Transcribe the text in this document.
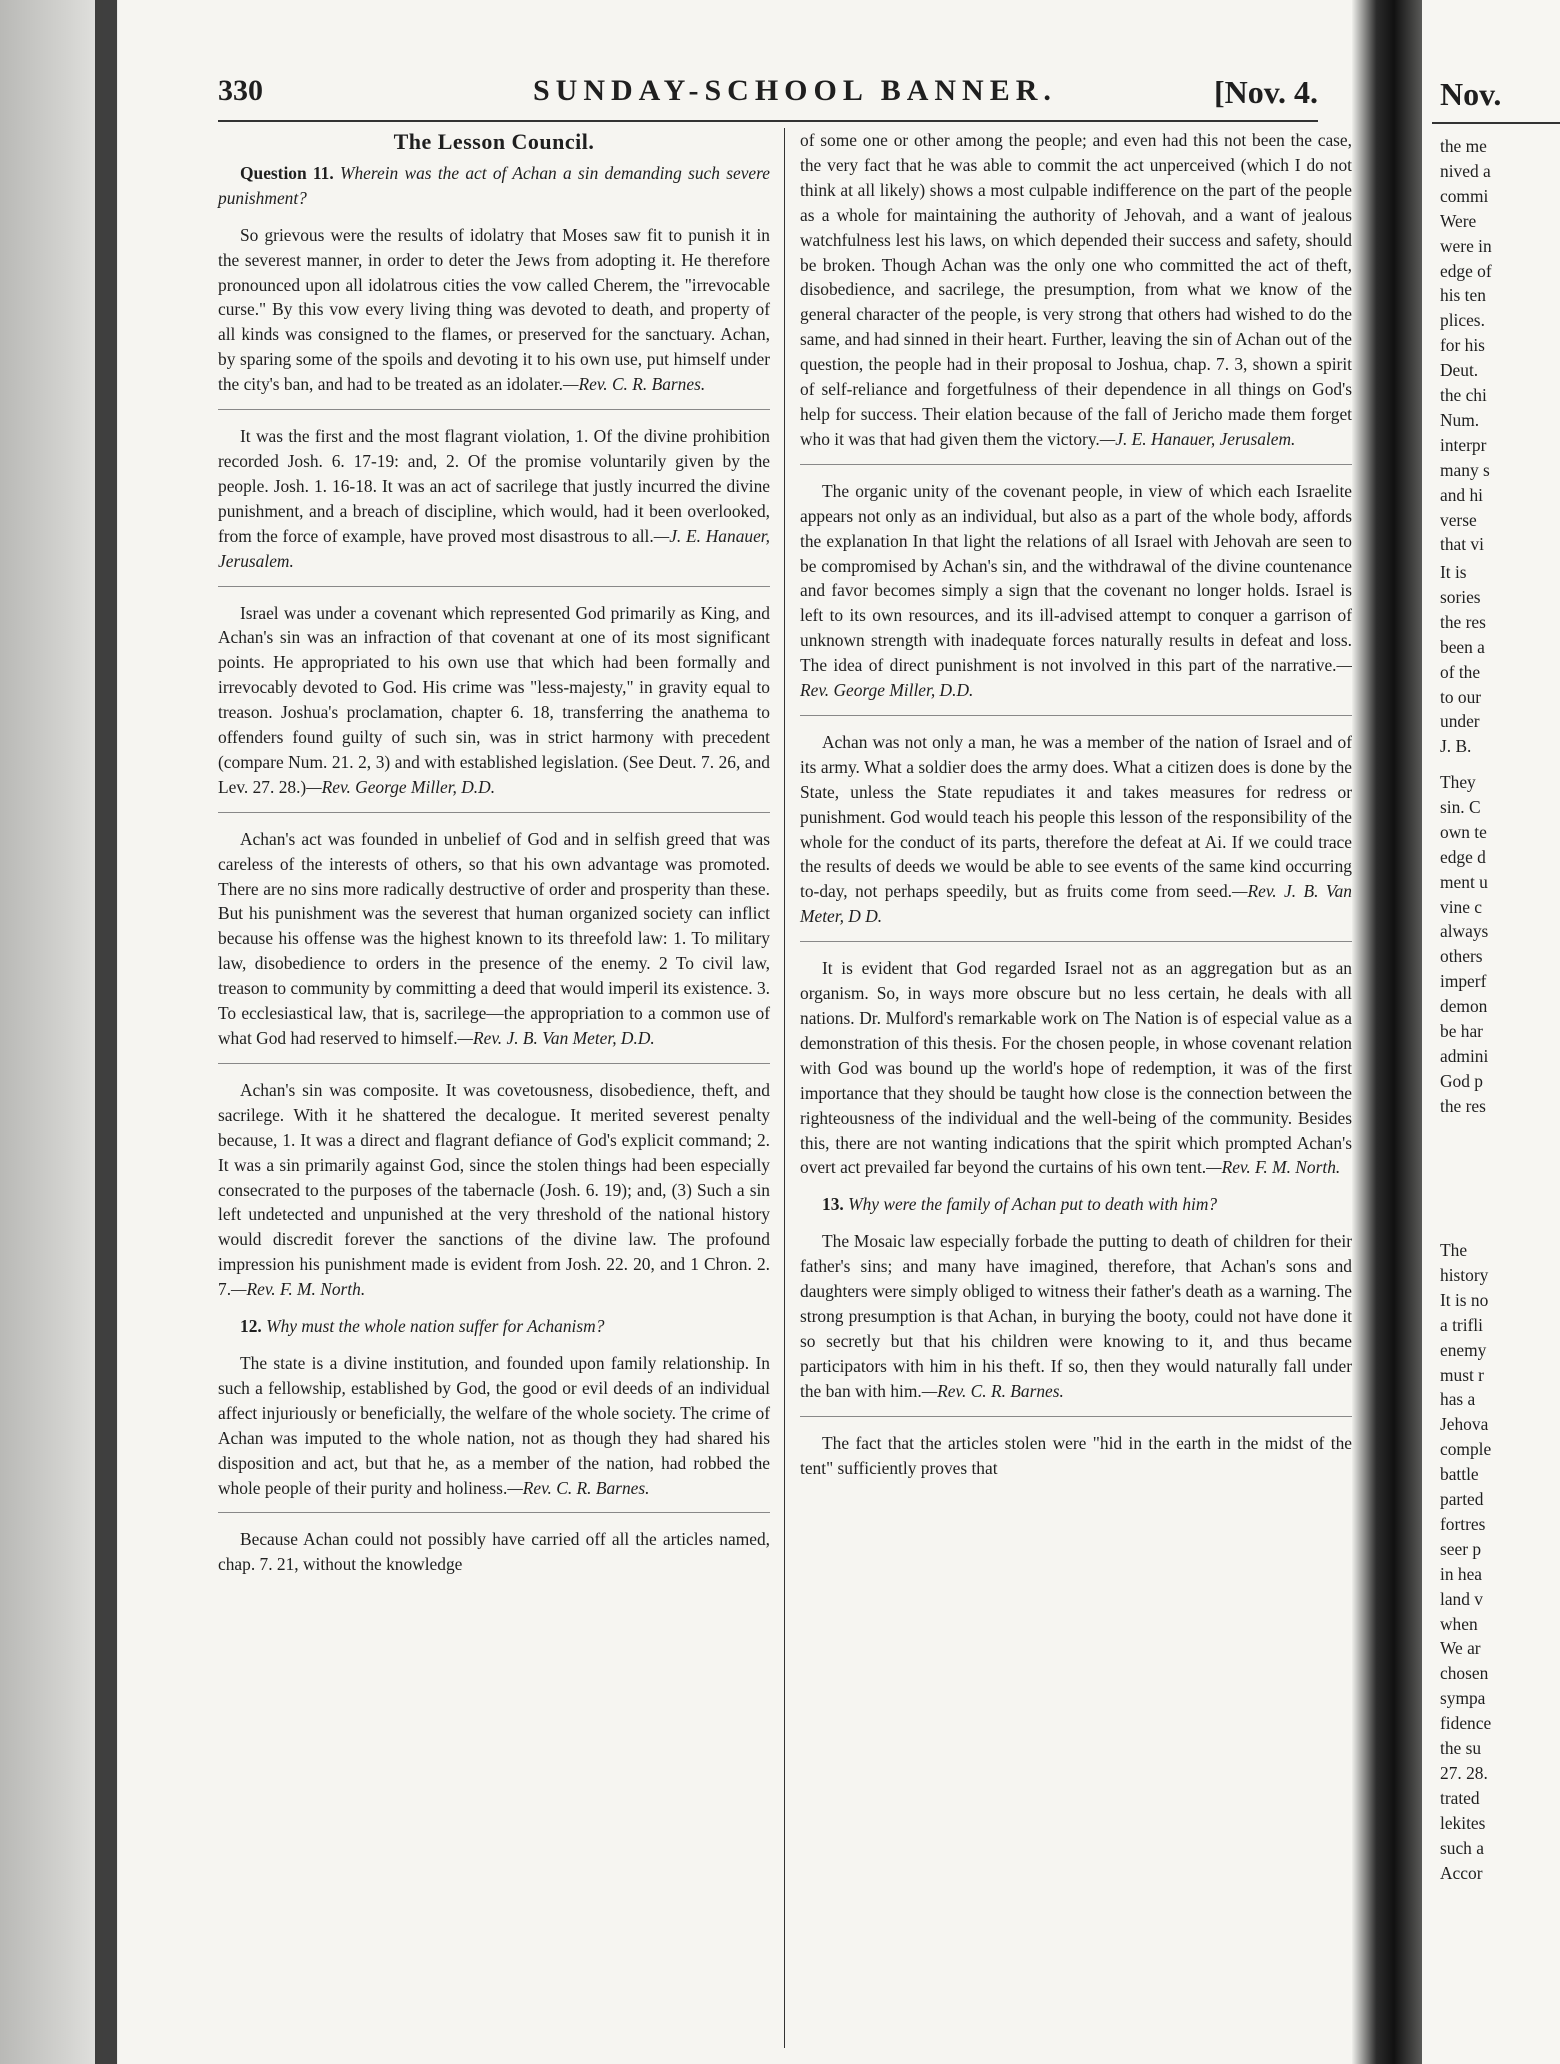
330	SUNDAY-SCHOOL BANNER.	[Nov. 4.
The Lesson Council.

Question 11. Wherein was the act of Achan a sin demanding such severe punishment?

So grievous were the results of idolatry that Moses saw fit to punish it in the severest manner, in order to deter the Jews from adopting it. He therefore pronounced upon all idolatrous cities the vow called Cherem, the "irrevocable curse." By this vow every living thing was devoted to death, and property of all kinds was consigned to the flames, or preserved for the sanctuary. Achan, by sparing some of the spoils and devoting it to his own use, put himself under the city's ban, and had to be treated as an idolater.—Rev. C. R. Barnes.

It was the first and the most flagrant violation, 1. Of the divine prohibition recorded Josh. 6. 17-19: and, 2. Of the promise voluntarily given by the people. Josh. 1. 16-18. It was an act of sacrilege that justly incurred the divine punishment, and a breach of discipline, which would, had it been overlooked, from the force of example, have proved most disastrous to all.—J. E. Hanauer, Jerusalem.

Israel was under a covenant which represented God primarily as King, and Achan's sin was an infraction of that covenant at one of its most significant points. He appropriated to his own use that which had been formally and irrevocably devoted to God. His crime was "less-majesty," in gravity equal to treason. Joshua's proclamation, chapter 6. 18, transferring the anathema to offenders found guilty of such sin, was in strict harmony with precedent (compare Num. 21. 2, 3) and with established legislation. (See Deut. 7. 26, and Lev. 27. 28.)—Rev. George Miller, D.D.

Achan's act was founded in unbelief of God and in selfish greed that was careless of the interests of others, so that his own advantage was promoted. There are no sins more radically destructive of order and prosperity than these. But his punishment was the severest that human organized society can inflict because his offense was the highest known to its threefold law: 1. To military law, disobedience to orders in the presence of the enemy. 2 To civil law, treason to community by committing a deed that would imperil its existence. 3. To ecclesiastical law, that is, sacrilege—the appropriation to a common use of what God had reserved to himself.—Rev. J. B. Van Meter, D.D.

Achan's sin was composite. It was covetousness, disobedience, theft, and sacrilege. With it he shattered the decalogue. It merited severest penalty because, 1. It was a direct and flagrant defiance of God's explicit command; 2. It was a sin primarily against God, since the stolen things had been especially consecrated to the purposes of the tabernacle (Josh. 6. 19); and, (3) Such a sin left undetected and unpunished at the very threshold of the national history would discredit forever the sanctions of the divine law. The profound impression his punishment made is evident from Josh. 22. 20, and 1 Chron. 2. 7.—Rev. F. M. North.

12. Why must the whole nation suffer for Achanism?

The state is a divine institution, and founded upon family relationship. In such a fellowship, established by God, the good or evil deeds of an individual affect injuriously or beneficially, the welfare of the whole society. The crime of Achan was imputed to the whole nation, not as though they had shared his disposition and act, but that he, as a member of the nation, had robbed the whole people of their purity and holiness.—Rev. C. R. Barnes.

Because Achan could not possibly have carried off all the articles named, chap. 7. 21, without the knowledge

of some one or other among the people; and even had this not been the case, the very fact that he was able to commit the act unperceived (which I do not think at all likely) shows a most culpable indifference on the part of the people as a whole for maintaining the authority of Jehovah, and a want of jealous watchfulness lest his laws, on which depended their success and safety, should be broken. Though Achan was the only one who committed the act of theft, disobedience, and sacrilege, the presumption, from what we know of the general character of the people, is very strong that others had wished to do the same, and had sinned in their heart. Further, leaving the sin of Achan out of the question, the people had in their proposal to Joshua, chap. 7. 3, shown a spirit of self-reliance and forgetfulness of their dependence in all things on God's help for success. Their elation because of the fall of Jericho made them forget who it was that had given them the victory.—J. E. Hanauer, Jerusalem.

The organic unity of the covenant people, in view of which each Israelite appears not only as an individual, but also as a part of the whole body, affords the explanation In that light the relations of all Israel with Jehovah are seen to be compromised by Achan's sin, and the withdrawal of the divine countenance and favor becomes simply a sign that the covenant no longer holds. Israel is left to its own resources, and its ill-advised attempt to conquer a garrison of unknown strength with inadequate forces naturally results in defeat and loss. The idea of direct punishment is not involved in this part of the narrative.—Rev. George Miller, D.D.

Achan was not only a man, he was a member of the nation of Israel and of its army. What a soldier does the army does. What a citizen does is done by the State, unless the State repudiates it and takes measures for redress or punishment. God would teach his people this lesson of the responsibility of the whole for the conduct of its parts, therefore the defeat at Ai. If we could trace the results of deeds we would be able to see events of the same kind occurring to-day, not perhaps speedily, but as fruits come from seed.—Rev. J. B. Van Meter, D D.

It is evident that God regarded Israel not as an aggregation but as an organism. So, in ways more obscure but no less certain, he deals with all nations. Dr. Mulford's remarkable work on The Nation is of especial value as a demonstration of this thesis. For the chosen people, in whose covenant relation with God was bound up the world's hope of redemption, it was of the first importance that they should be taught how close is the connection between the righteousness of the individual and the well-being of the community. Besides this, there are not wanting indications that the spirit which prompted Achan's overt act prevailed far beyond the curtains of his own tent.—Rev. F. M. North.

13. Why were the family of Achan put to death with him?

The Mosaic law especially forbade the putting to death of children for their father's sins; and many have imagined, therefore, that Achan's sons and daughters were simply obliged to witness their father's death as a warning. The strong presumption is that Achan, in burying the booty, could not have done it so secretly but that his children were knowing to it, and thus became participators with him in his theft. If so, then they would naturally fall under the ban with him.—Rev. C. R. Barnes.

The fact that the articles stolen were "hid in the earth in the midst of the tent" sufficiently proves that

Nov.
the me
nived a
commi
Were
were in
edge of
his ten
plices.
for his
Deut.
the chi
Num.
interpr
many s
and hi
verse
that vi
It is
sories
the res
been a
of the
to our
under
J. B.
They
sin. C
own te
edge d
ment u
vine c
always
others
imperf
demon
be har
admini
God p
the res
The
history
It is no
a trifli
enemy
must r
has a
Jehova
comple
battle
parted
fortres
seer p
in hea
land v
when
We ar
chosen
sympa
fidence
the su
27. 28.
trated
lekites
such a
Accor
